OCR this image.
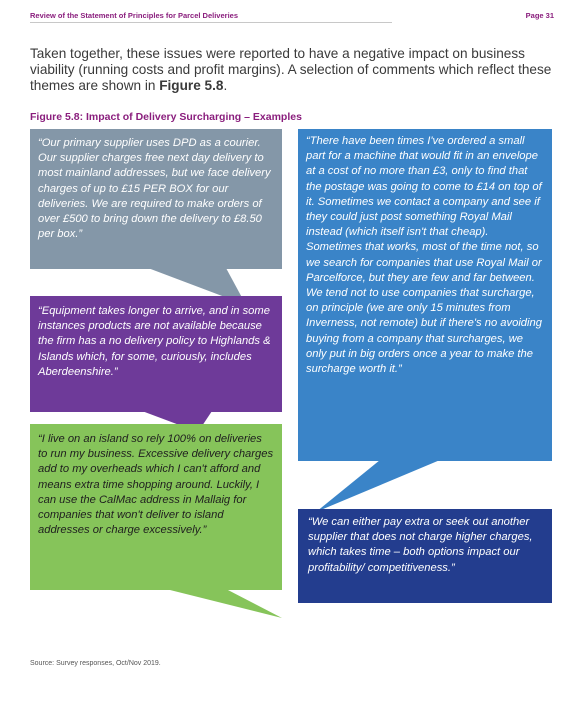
Review of the Statement of Principles for Parcel Deliveries	Page 31

Taken together, these issues were reported to have a negative impact on business viability (running costs and profit margins). A selection of comments which reflect these themes are shown in Figure 5.8.

Figure 5.8: Impact of Delivery Surcharging – Examples
“Our primary supplier uses DPD as a courier. Our supplier charges free next day delivery to most mainland addresses, but we face delivery charges of up to £15 PER BOX for our deliveries. We are required to make orders of over £500 to bring down the delivery to £8.50 per box.”
“Equipment takes longer to arrive, and in some instances products are not available because the firm has a no delivery policy to Highlands & Islands which, for some, curiously, includes Aberdeenshire.”
“I live on an island so rely 100% on deliveries to run my business. Excessive delivery charges add to my overheads which I can't afford and means extra time shopping around. Luckily, I can use the CalMac address in Mallaig for companies that won't deliver to island addresses or charge excessively.”
“There have been times I've ordered a small part for a machine that would fit in an envelope at a cost of no more than £3, only to find that the postage was going to come to £14 on top of it. Sometimes we contact a company and see if they could just post something Royal Mail instead (which itself isn't that cheap). Sometimes that works, most of the time not, so we search for companies that use Royal Mail or Parcelforce, but they are few and far between. We tend not to use companies that surcharge, on principle (we are only 15 minutes from Inverness, not remote) but if there's no avoiding buying from a company that surcharges, we only put in big orders once a year to make the surcharge worth it.”
“We can either pay extra or seek out another supplier that does not charge higher charges, which takes time – both options impact our profitability/ competitiveness.”
Source: Survey responses, Oct/Nov 2019.
